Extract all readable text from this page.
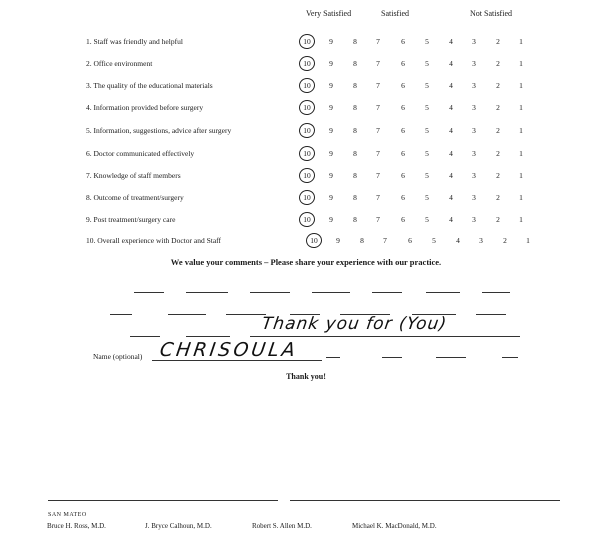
Very Satisfied	Satisfied	Not Satisfied
1. Staff was friendly and helpful	10	9	8	7	6	5	4	3	2	1
2. Office environment	10	9	8	7	6	5	4	3	2	1
3. The quality of the educational materials	10	9	8	7	6	5	4	3	2	1
4. Information provided before surgery	10	9	8	7	6	5	4	3	2	1
5. Information, suggestions, advice after surgery	10	9	8	7	6	5	4	3	2	1
6. Doctor communicated effectively	10	9	8	7	6	5	4	3	2	1
7. Knowledge of staff members	10	9	8	7	6	5	4	3	2	1
8. Outcome of treatment/surgery	10	9	8	7	6	5	4	3	2	1
9. Post treatment/surgery care	10	9	8	7	6	5	4	3	2	1
10. Overall experience with Doctor and Staff	10	9	8	7	6	5	4	3	2	1
We value your comments – Please share your experience with our practice.
Thank you for (You)
Name (optional) CHRISOULA
Thank you!
SAN MATEO
Bruce H. Ross, M.D.	J. Bryce Calhoun, M.D.	Robert S. Allen M.D.	Michael K. MacDonald, M.D.
